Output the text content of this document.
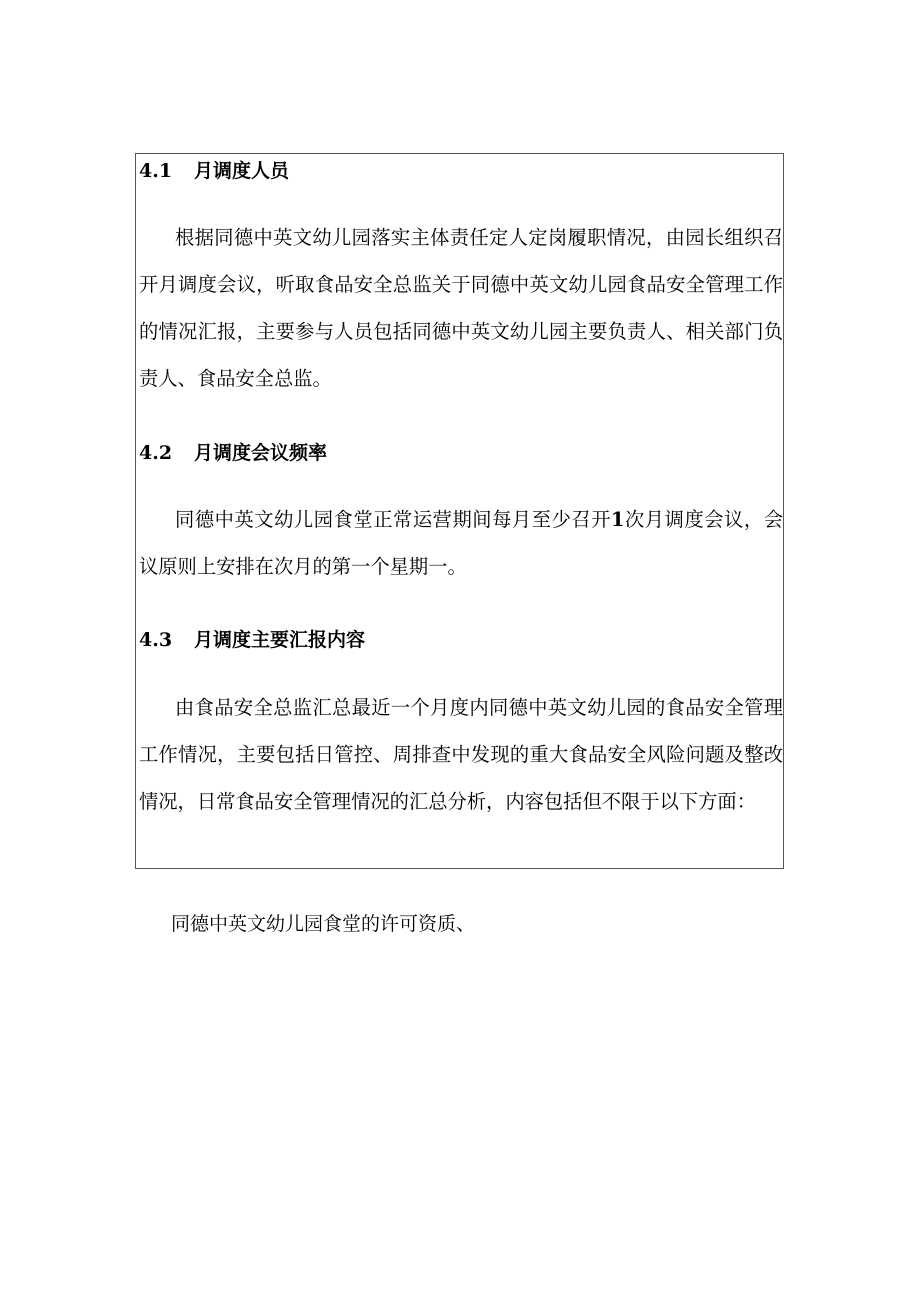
4.1 月调度人员
根据同德中英文幼儿园落实主体责任定人定岗履职情况，由园长组织召开月调度会议，听取食品安全总监关于同德中英文幼儿园食品安全管理工作的情况汇报，主要参与人员包括同德中英文幼儿园主要负责人、相关部门负责人、食品安全总监。
4.2 月调度会议频率
同德中英文幼儿园食堂正常运营期间每月至少召开1次月调度会议，会议原则上安排在次月的第一个星期一。
4.3 月调度主要汇报内容
由食品安全总监汇总最近一个月度内同德中英文幼儿园的食品安全管理工作情况，主要包括日管控、周排查中发现的重大食品安全风险问题及整改情况，日常食品安全管理情况的汇总分析，内容包括但不限于以下方面：
同德中英文幼儿园食堂的许可资质、
